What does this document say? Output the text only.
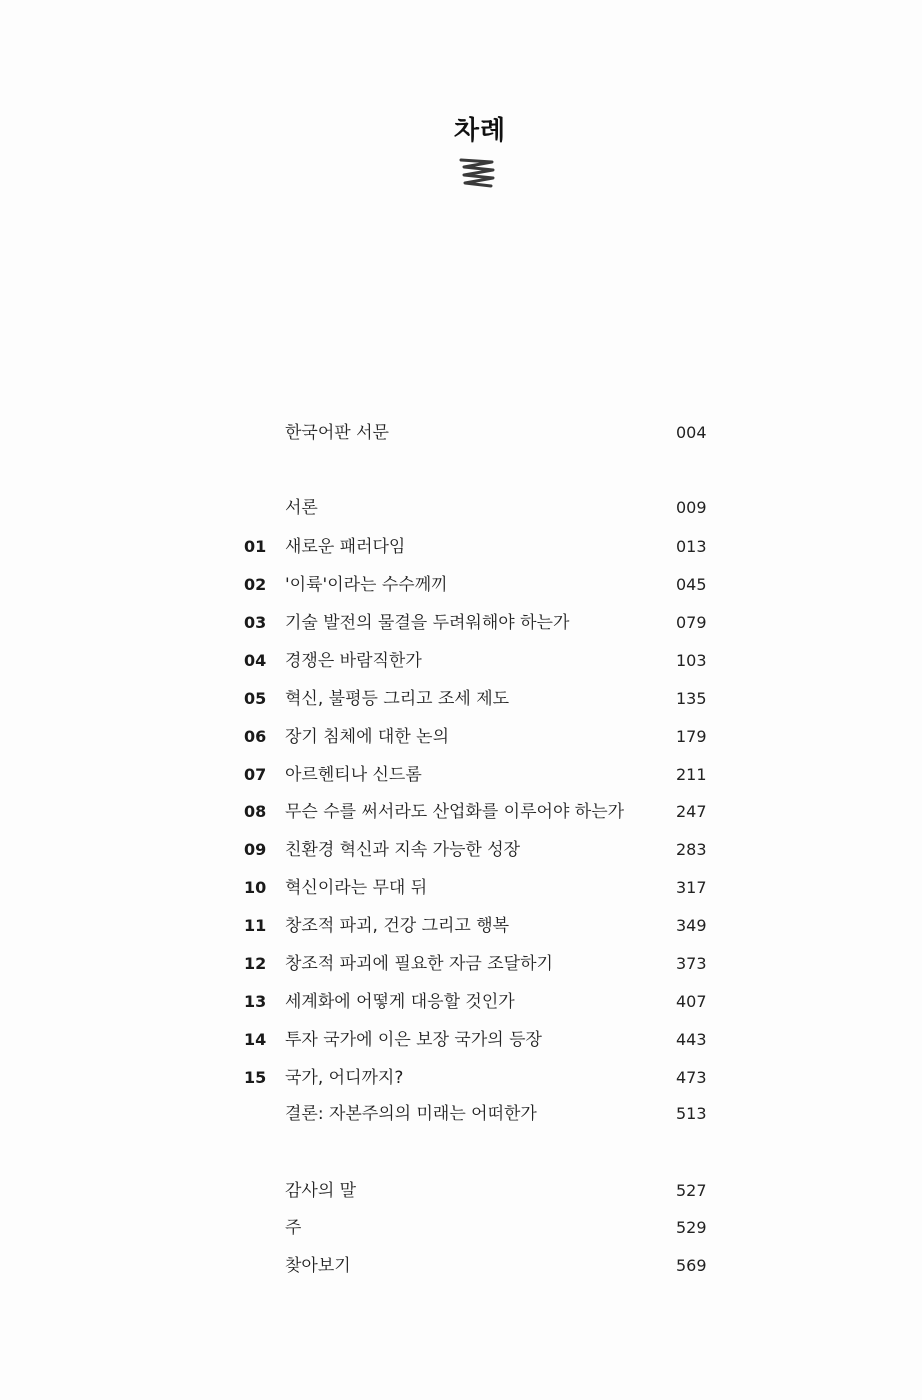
차례
한국어판 서문	004
서론	009
01	새로운 패러다임	013
02	'이륙'이라는 수수께끼	045
03	기술 발전의 물결을 두려워해야 하는가	079
04	경쟁은 바람직한가	103
05	혁신, 불평등 그리고 조세 제도	135
06	장기 침체에 대한 논의	179
07	아르헨티나 신드롬	211
08	무슨 수를 써서라도 산업화를 이루어야 하는가	247
09	친환경 혁신과 지속 가능한 성장	283
10	혁신이라는 무대 뒤	317
11	창조적 파괴, 건강 그리고 행복	349
12	창조적 파괴에 필요한 자금 조달하기	373
13	세계화에 어떻게 대응할 것인가	407
14	투자 국가에 이은 보장 국가의 등장	443
15	국가, 어디까지?	473
결론: 자본주의의 미래는 어떠한가	513
감사의 말	527
주	529
찾아보기	569
